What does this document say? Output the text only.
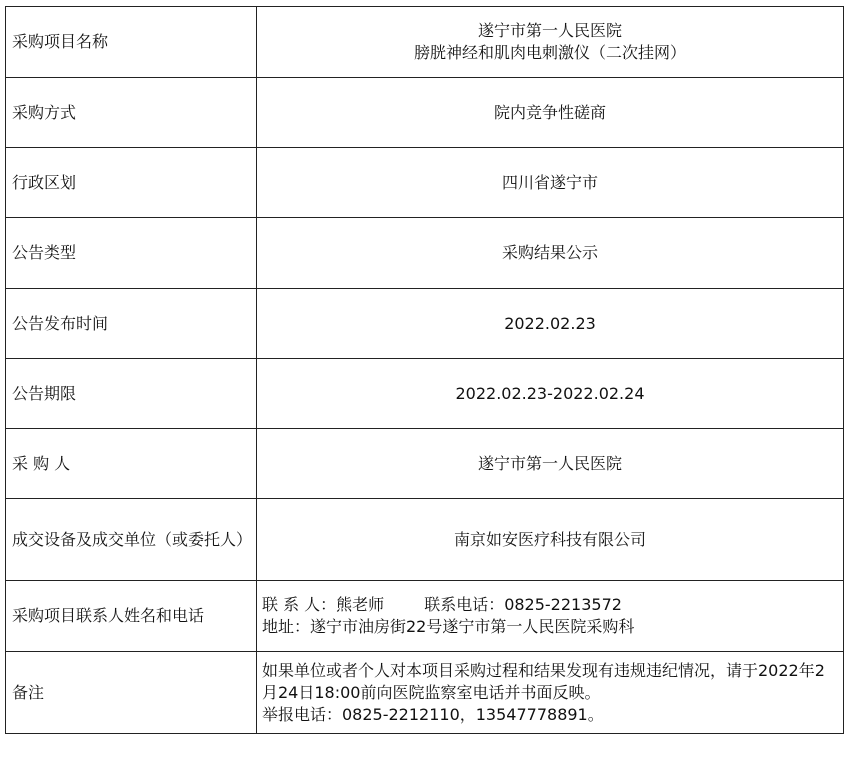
采购项目名称	遂宁市第一人民医院
膀胱神经和肌肉电刺激仪（二次挂网）

采购方式	院内竞争性磋商
行政区划	四川省遂宁市
公告类型	采购结果公示
公告发布时间	2022.02.23
公告期限	2022.02.23-2022.02.24
采 购 人	遂宁市第一人民医院
成交设备及成交单位（或委托人）	南京如安医疗科技有限公司
采购项目联系人姓名和电话	联 系 人：熊老师 联系电话：0825-2213572
地址：遂宁市油房街22号遂宁市第一人民医院采购科

备注	如果单位或者个人对本项目采购过程和结果发现有违规违纪情况，请于2022年2月24日18:00前向医院监察室电话并书面反映。
举报电话：0825-2212110，13547778891。
